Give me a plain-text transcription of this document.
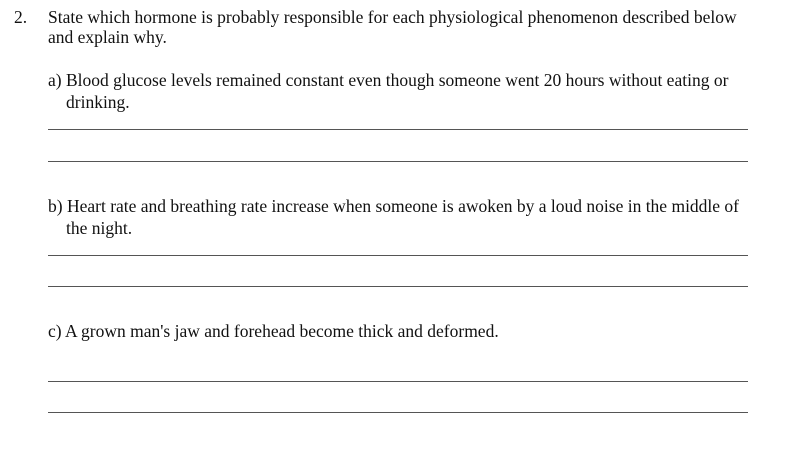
2. State which hormone is probably responsible for each physiological phenomenon described below
and explain why.
a) Blood glucose levels remained constant even though someone went 20 hours without eating or
drinking.
b) Heart rate and breathing rate increase when someone is awoken by a loud noise in the middle of
the night.
c) A grown man's jaw and forehead become thick and deformed.
